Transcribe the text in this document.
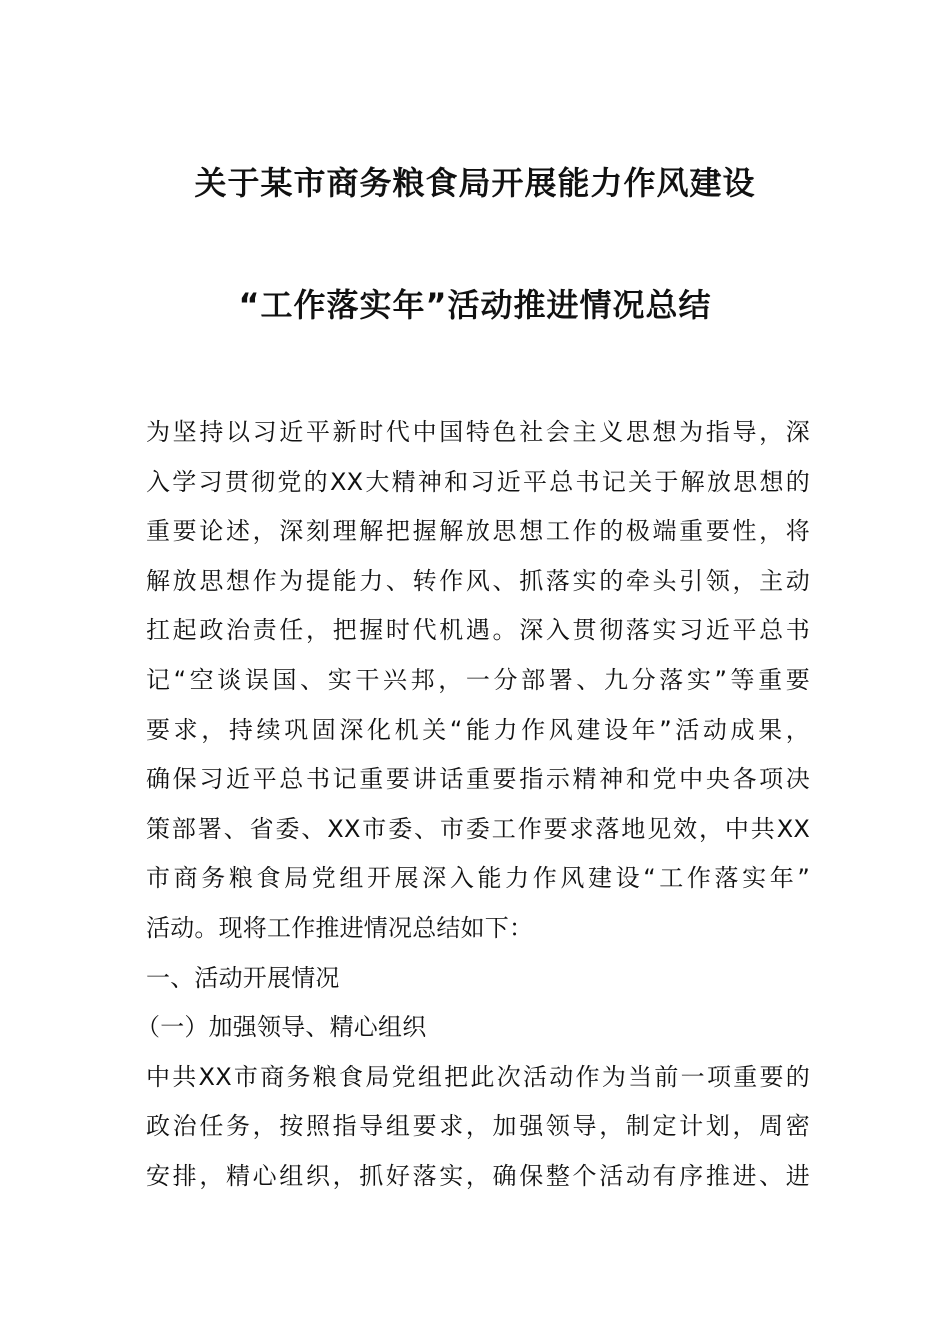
关于某市商务粮食局开展能力作风建设
“工作落实年”活动推进情况总结
为坚持以习近平新时代中国特色社会主义思想为指导，深
入学习贯彻党的XX大精神和习近平总书记关于解放思想的
重要论述，深刻理解把握解放思想工作的极端重要性，将
解放思想作为提能力、转作风、抓落实的牵头引领，主动
扛起政治责任，把握时代机遇。深入贯彻落实习近平总书
记“空谈误国、实干兴邦，一分部署、九分落实”等重要
要求，持续巩固深化机关“能力作风建设年”活动成果，
确保习近平总书记重要讲话重要指示精神和党中央各项决
策部署、省委、XX市委、市委工作要求落地见效，中共XX
市商务粮食局党组开展深入能力作风建设“工作落实年”
活动。现将工作推进情况总结如下：
一、活动开展情况
（一）加强领导、精心组织
中共XX市商务粮食局党组把此次活动作为当前一项重要的
政治任务，按照指导组要求，加强领导，制定计划，周密
安排，精心组织，抓好落实，确保整个活动有序推进、进
